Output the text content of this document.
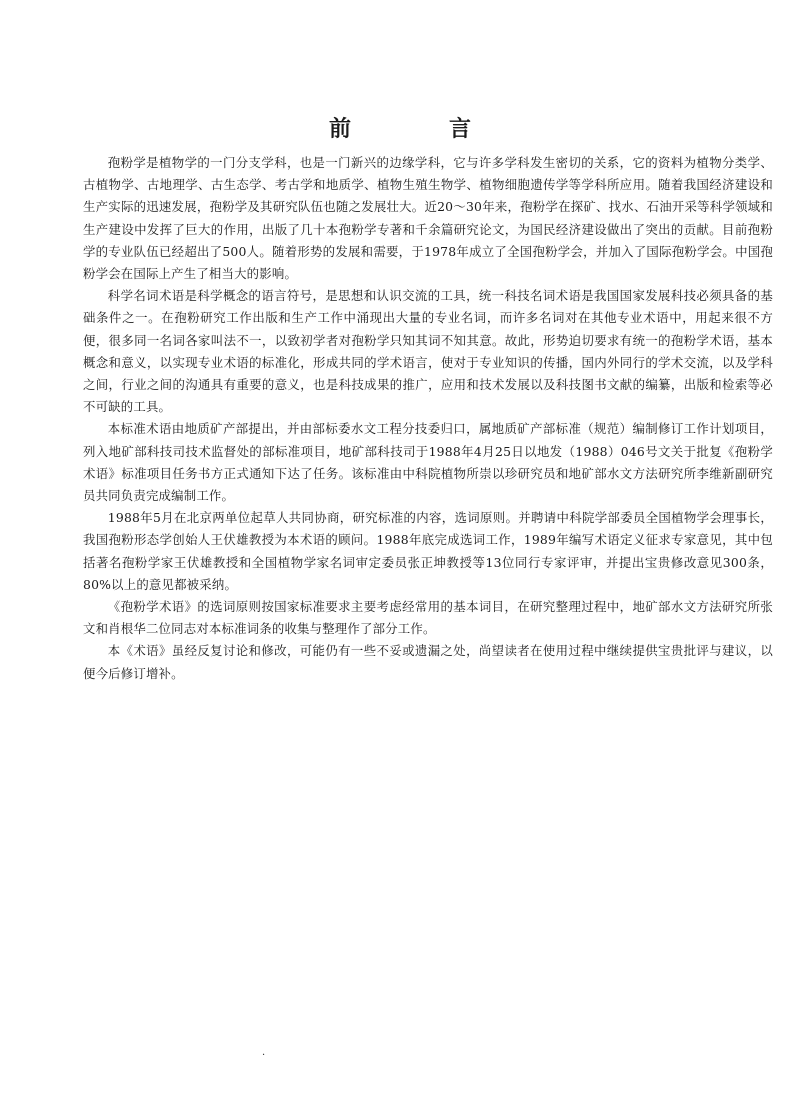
前　言

孢粉学是植物学的一门分支学科，也是一门新兴的边缘学科，它与许多学科发生密切的关系，它的资料为植物分类学、古植物学、古地理学、古生态学、考古学和地质学、植物生殖生物学、植物细胞遗传学等学科所应用。随着我国经济建设和生产实际的迅速发展，孢粉学及其研究队伍也随之发展壮大。近20～30年来，孢粉学在探矿、找水、石油开采等科学领域和生产建设中发挥了巨大的作用，出版了几十本孢粉学专著和千余篇研究论文，为国民经济建设做出了突出的贡献。目前孢粉学的专业队伍已经超出了500人。随着形势的发展和需要，于1978年成立了全国孢粉学会，并加入了国际孢粉学会。中国孢粉学会在国际上产生了相当大的影响。

科学名词术语是科学概念的语言符号，是思想和认识交流的工具，统一科技名词术语是我国国家发展科技必须具备的基础条件之一。在孢粉研究工作出版和生产工作中涌现出大量的专业名词，而许多名词对在其他专业术语中，用起来很不方便，很多同一名词各家叫法不一，以致初学者对孢粉学只知其词不知其意。故此，形势迫切要求有统一的孢粉学术语，基本概念和意义，以实现专业术语的标准化，形成共同的学术语言，使对于专业知识的传播，国内外同行的学术交流，以及学科之间，行业之间的沟通具有重要的意义，也是科技成果的推广，应用和技术发展以及科技图书文献的编纂，出版和检索等必不可缺的工具。

本标准术语由地质矿产部提出，并由部标委水文工程分技委归口，属地质矿产部标准（规范）编制修订工作计划项目，列入地矿部科技司技术监督处的部标准项目，地矿部科技司于1988年4月25日以地发（1988）046号文关于批复《孢粉学术语》标准项目任务书方正式通知下达了任务。该标准由中科院植物所崇以珍研究员和地矿部水文方法研究所李维新副研究员共同负责完成编制工作。

1988年5月在北京两单位起草人共同协商，研究标准的内容，选词原则。并聘请中科院学部委员全国植物学会理事长，我国孢粉形态学创始人王伏雄教授为本术语的顾问。1988年底完成选词工作，1989年编写术语定义征求专家意见，其中包括著名孢粉学家王伏雄教授和全国植物学家名词审定委员张正坤教授等13位同行专家评审，并提出宝贵修改意见300条，80%以上的意见都被采纳。

《孢粉学术语》的选词原则按国家标准要求主要考虑经常用的基本词目，在研究整理过程中，地矿部水文方法研究所张文和肖根华二位同志对本标准词条的收集与整理作了部分工作。

本《术语》虽经反复讨论和修改，可能仍有一些不妥或遗漏之处，尚望读者在使用过程中继续提供宝贵批评与建议，以便今后修订增补。

·
